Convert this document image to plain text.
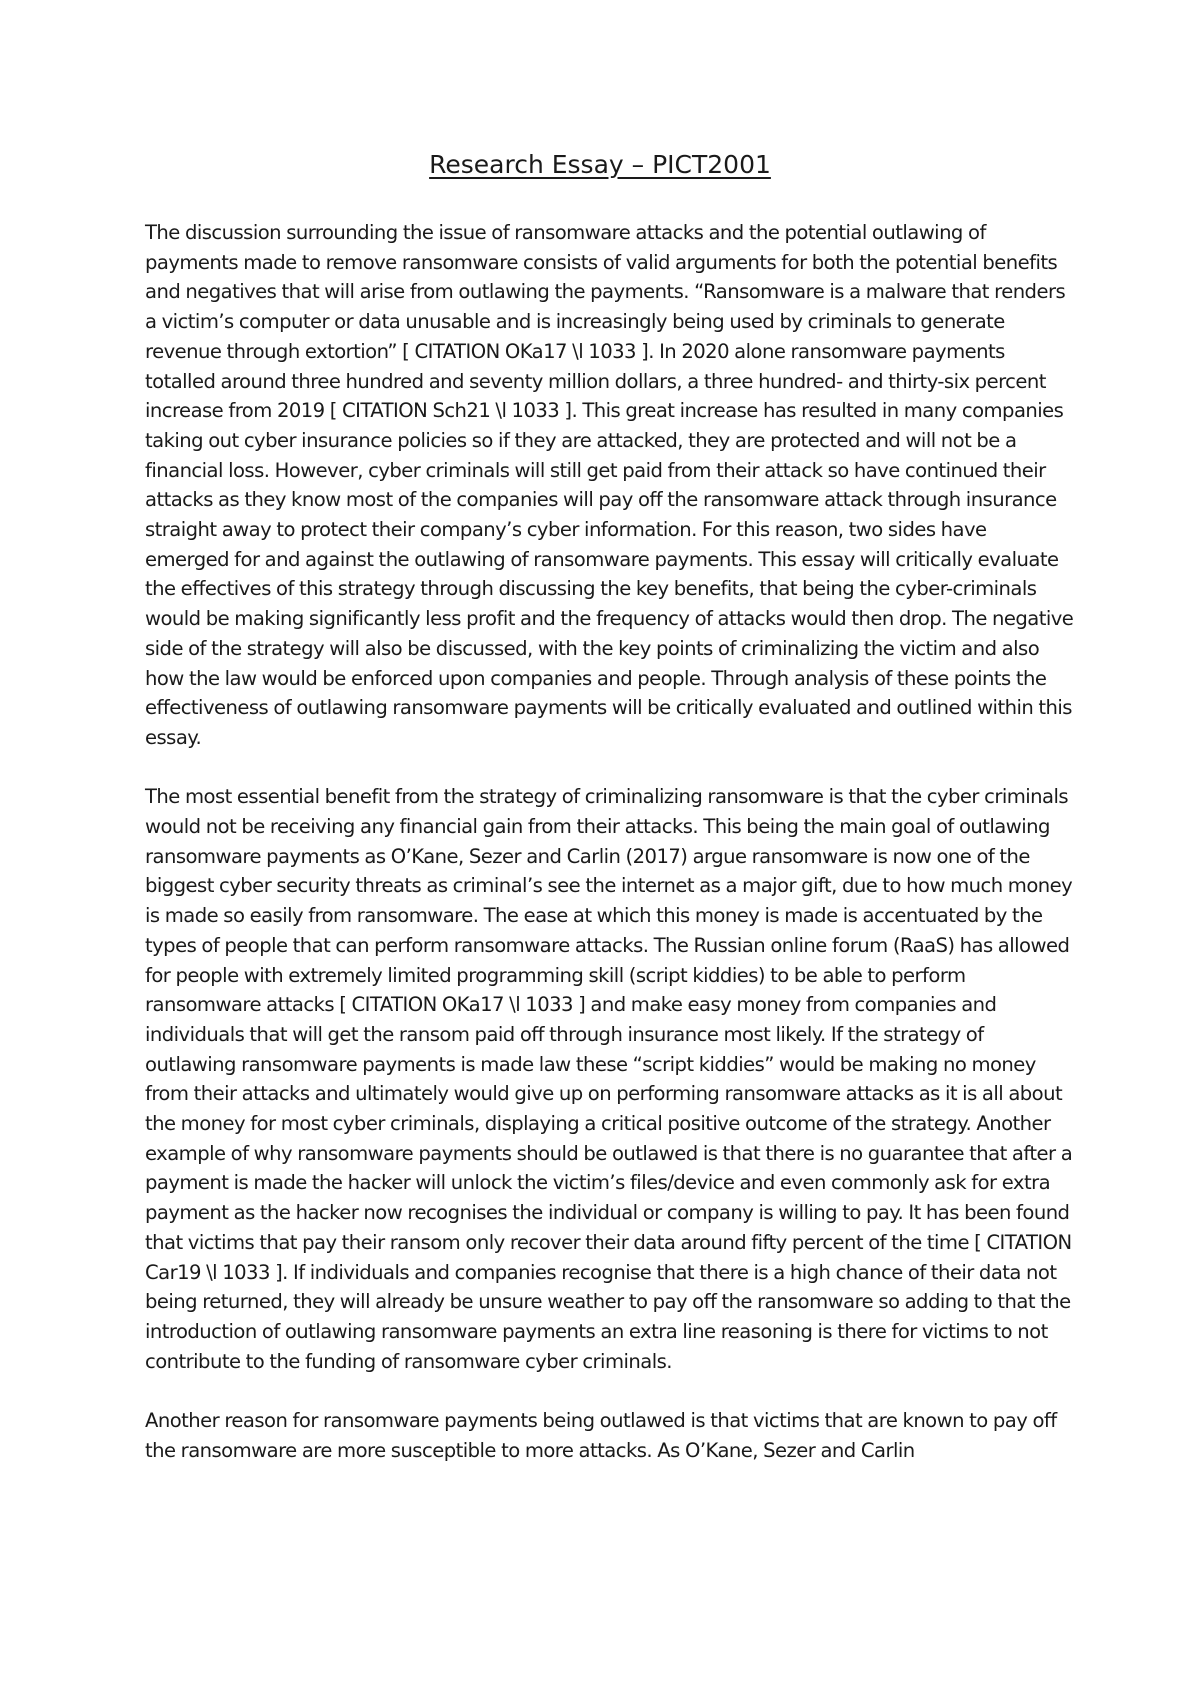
Research Essay – PICT2001

The discussion surrounding the issue of ransomware attacks and the potential outlawing of payments made to remove ransomware consists of valid arguments for both the potential benefits and negatives that will arise from outlawing the payments. “Ransomware is a malware that renders a victim’s computer or data unusable and is increasingly being used by criminals to generate revenue through extortion” [ CITATION OKa17 \l 1033 ]. In 2020 alone ransomware payments totalled around three hundred and seventy million dollars, a three hundred- and thirty-six percent increase from 2019 [ CITATION Sch21 \l 1033 ]. This great increase has resulted in many companies taking out cyber insurance policies so if they are attacked, they are protected and will not be a financial loss. However, cyber criminals will still get paid from their attack so have continued their attacks as they know most of the companies will pay off the ransomware attack through insurance straight away to protect their company’s cyber information. For this reason, two sides have emerged for and against the outlawing of ransomware payments. This essay will critically evaluate the effectives of this strategy through discussing the key benefits, that being the cyber-criminals would be making significantly less profit and the frequency of attacks would then drop. The negative side of the strategy will also be discussed, with the key points of criminalizing the victim and also how the law would be enforced upon companies and people. Through analysis of these points the effectiveness of outlawing ransomware payments will be critically evaluated and outlined within this essay.

The most essential benefit from the strategy of criminalizing ransomware is that the cyber criminals would not be receiving any financial gain from their attacks. This being the main goal of outlawing ransomware payments as O’Kane, Sezer and Carlin (2017) argue ransomware is now one of the biggest cyber security threats as criminal’s see the internet as a major gift, due to how much money is made so easily from ransomware. The ease at which this money is made is accentuated by the types of people that can perform ransomware attacks. The Russian online forum (RaaS) has allowed for people with extremely limited programming skill (script kiddies) to be able to perform ransomware attacks [ CITATION OKa17 \l 1033 ] and make easy money from companies and individuals that will get the ransom paid off through insurance most likely. If the strategy of outlawing ransomware payments is made law these “script kiddies” would be making no money from their attacks and ultimately would give up on performing ransomware attacks as it is all about the money for most cyber criminals, displaying a critical positive outcome of the strategy. Another example of why ransomware payments should be outlawed is that there is no guarantee that after a payment is made the hacker will unlock the victim’s files/device and even commonly ask for extra payment as the hacker now recognises the individual or company is willing to pay. It has been found that victims that pay their ransom only recover their data around fifty percent of the time [ CITATION Car19 \l 1033 ]. If individuals and companies recognise that there is a high chance of their data not being returned, they will already be unsure weather to pay off the ransomware so adding to that the introduction of outlawing ransomware payments an extra line reasoning is there for victims to not contribute to the funding of ransomware cyber criminals.

Another reason for ransomware payments being outlawed is that victims that are known to pay off the ransomware are more susceptible to more attacks. As O’Kane, Sezer and Carlin
